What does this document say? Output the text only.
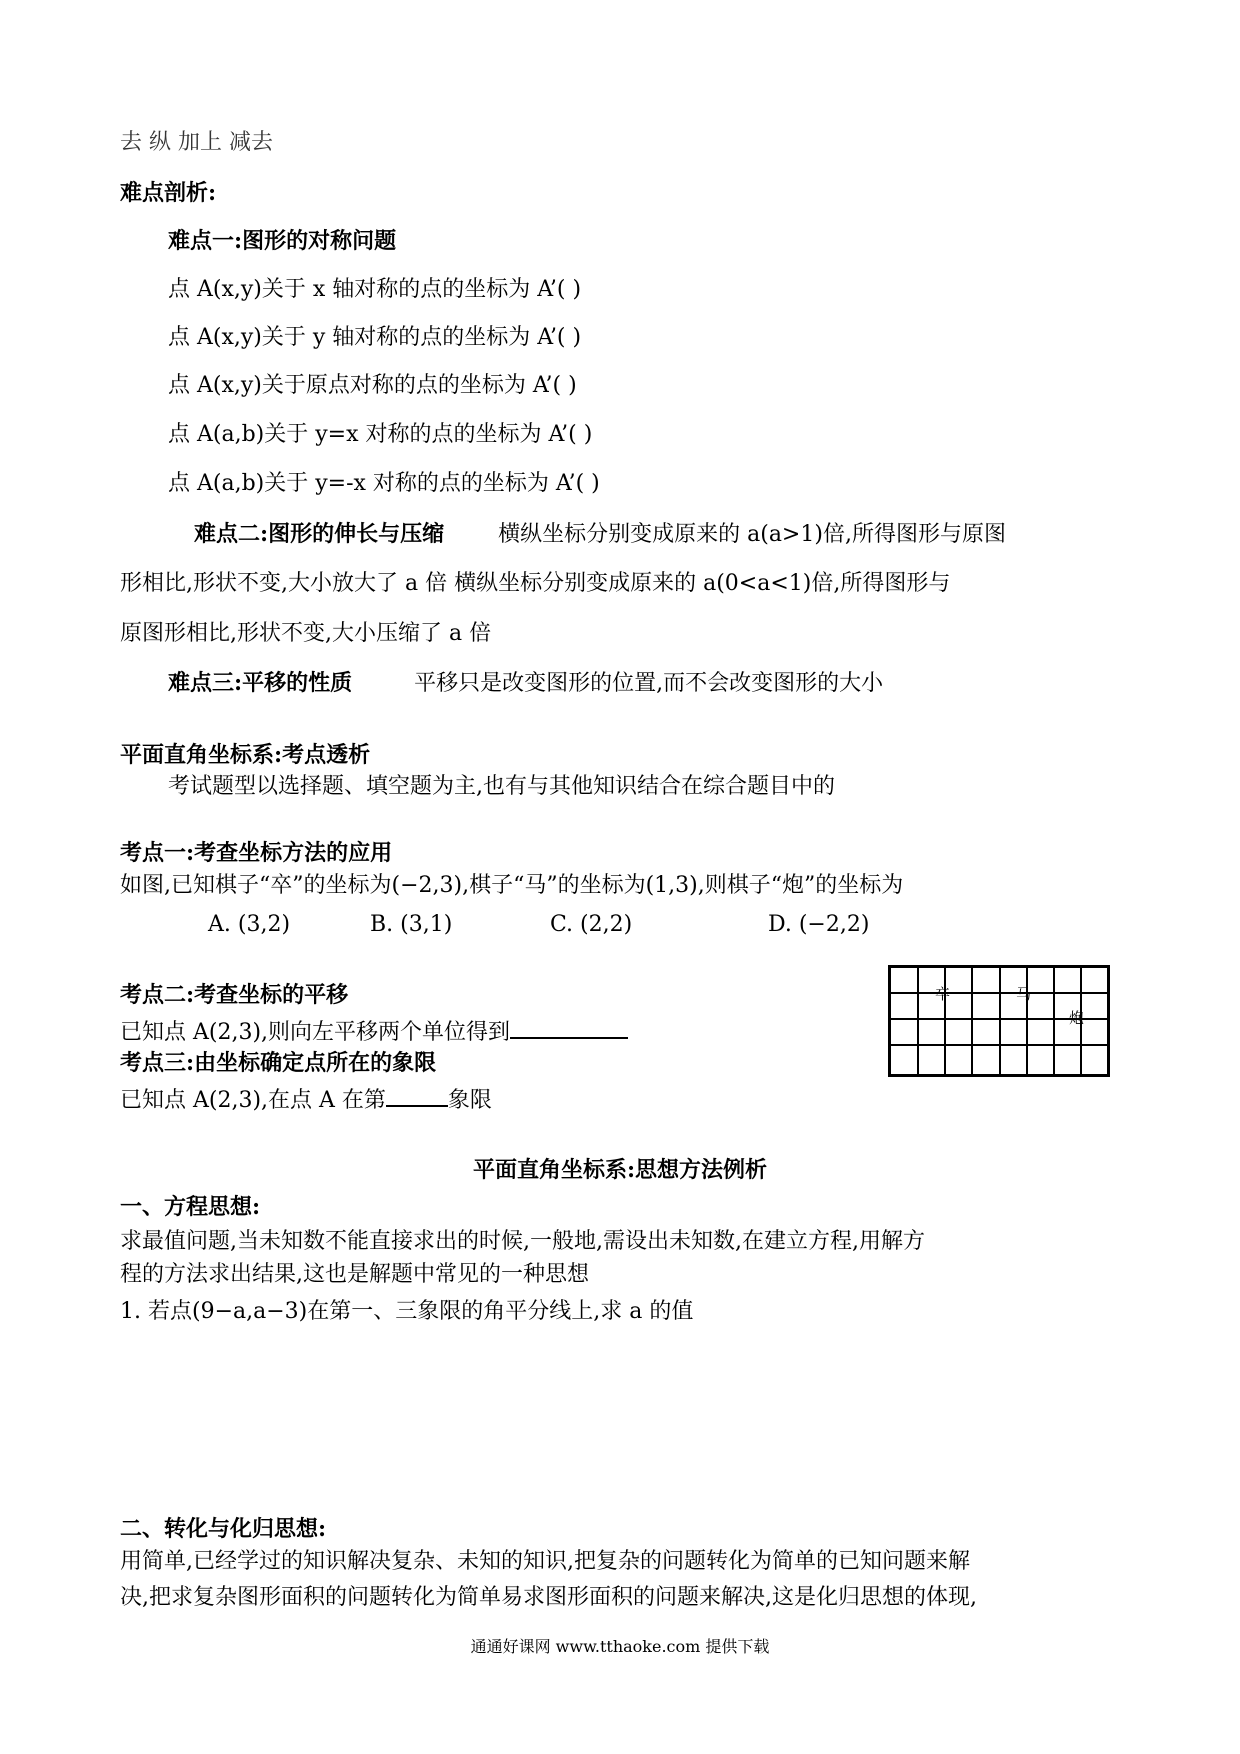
去 纵 加上 减去
难点剖析:
难点一:图形的对称问题
点 A(x,y)关于 x 轴对称的点的坐标为 A’( )
点 A(x,y)关于 y 轴对称的点的坐标为 A’( )
点 A(x,y)关于原点对称的点的坐标为 A’( )
点 A(a,b)关于 y=x 对称的点的坐标为 A’( )
点 A(a,b)关于 y=-x 对称的点的坐标为 A’( )
难点二:图形的伸长与压缩 横纵坐标分别变成原来的 a(a>1)倍,所得图形与原图
形相比,形状不变,大小放大了 a 倍 横纵坐标分别变成原来的 a(0<a<1)倍,所得图形与
原图形相比,形状不变,大小压缩了 a 倍
难点三:平移的性质	平移只是改变图形的位置,而不会改变图形的大小
平面直角坐标系:考点透析
考试题型以选择题、填空题为主,也有与其他知识结合在综合题目中的
考点一:考查坐标方法的应用
如图,已知棋子“卒”的坐标为(−2,3),棋子“马”的坐标为(1,3),则棋子“炮”的坐标为
A. (3,2)	B. (3,1)	C. (2,2)	D. (−2,2)
考点二:考查坐标的平移
已知点 A(2,3),则向左平移两个单位得到
考点三:由坐标确定点所在的象限
已知点 A(2,3),在点 A 在第	象限
卒	马
炮
平面直角坐标系:思想方法例析
一、方程思想:
求最值问题,当未知数不能直接求出的时候,一般地,需设出未知数,在建立方程,用解方
程的方法求出结果,这也是解题中常见的一种思想
1. 若点(9−a,a−3)在第一、三象限的角平分线上,求 a 的值
二、转化与化归思想:
用简单,已经学过的知识解决复杂、未知的知识,把复杂的问题转化为简单的已知问题来解
决,把求复杂图形面积的问题转化为简单易求图形面积的问题来解决,这是化归思想的体现,
通通好课网 www.tthaoke.com 提供下载
